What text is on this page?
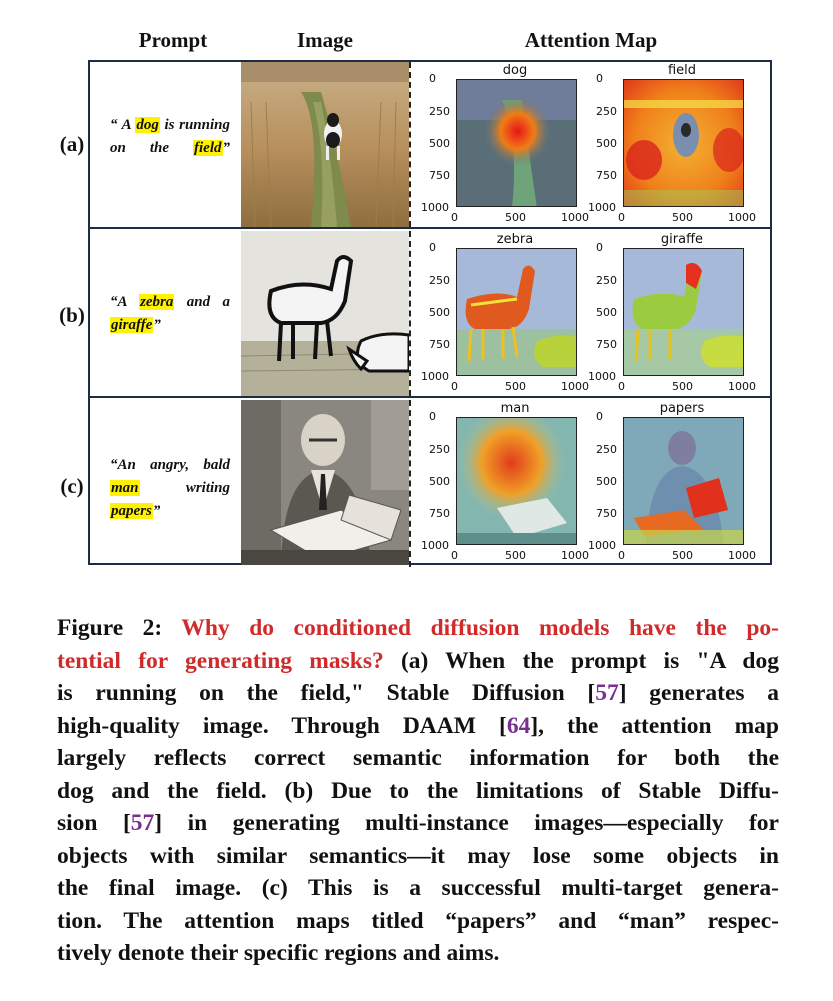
Prompt	Image	Attention Map
(a)
“ A dog is running on the field”
dog
0
250
500
750
1000
0	500	1000
field
0
250
500
750
1000
0	500	1000
(b)
“A zebra and a giraffe”
zebra
0
250
500
750
1000
0	500	1000
giraffe
0
250
500
750
1000
0	500	1000
(c)
“An angry, bald man writing papers”
man
0
250
500
750
1000
0	500	1000
papers
0
250
500
750
1000
0	500	1000
Figure 2: Why do conditioned diffusion models have the po-
tential for generating masks? (a) When the prompt is "A dog
is running on the field," Stable Diffusion [57] generates a
high-quality image. Through DAAM [64], the attention map
largely reflects correct semantic information for both the
dog and the field. (b) Due to the limitations of Stable Diffu-
sion [57] in generating multi-instance images—especially for
objects with similar semantics—it may lose some objects in
the final image. (c) This is a successful multi-target genera-
tion. The attention maps titled “papers” and “man” respec-
tively denote their specific regions and aims.
